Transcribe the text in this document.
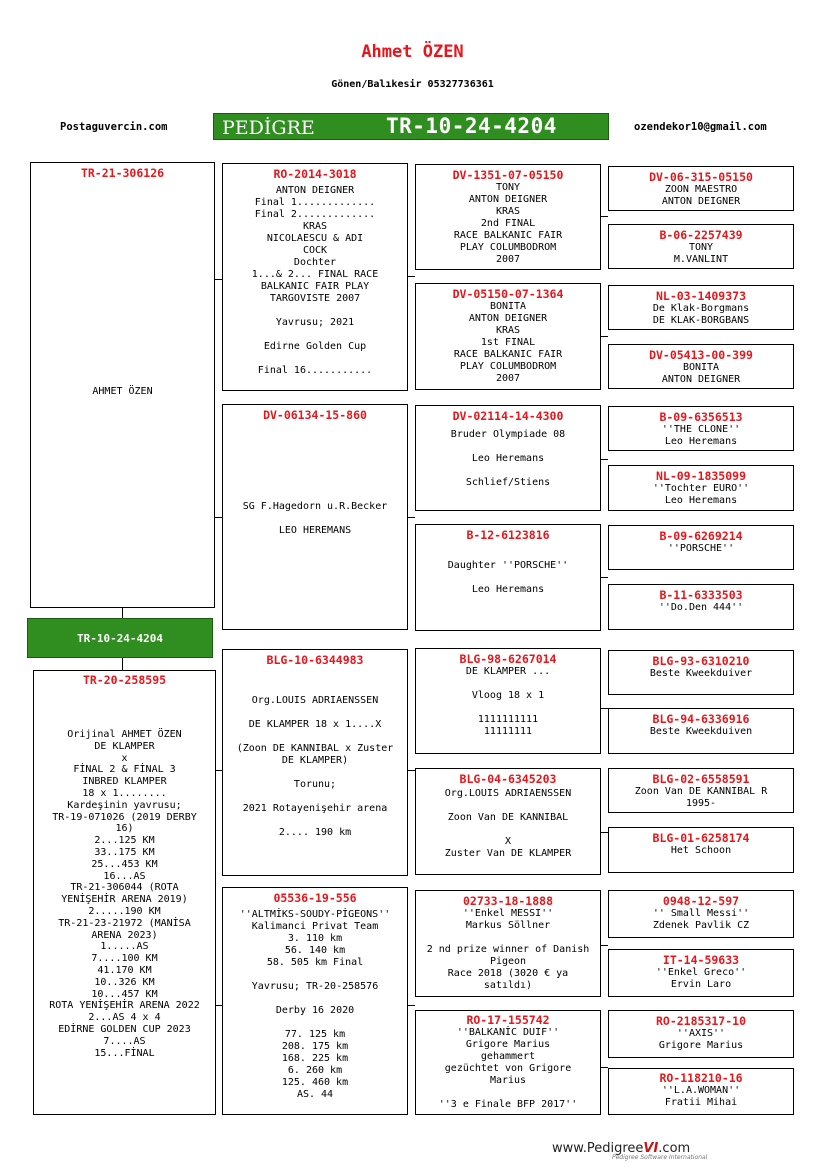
Ahmet ÖZEN
Gönen/Balıkesir 05327736361
Postaguvercin.com	ozendekor10@gmail.com
PEDİGRE	TR-10-24-4204
TR-21-306126
AHMET ÖZEN
TR-10-24-4204
TR-20-258595
Orijinal AHMET ÖZEN
DE KLAMPER
x
FİNAL 2 & FİNAL 3
INBRED KLAMPER
18 x 1........
Kardeşinin yavrusu;
TR-19-071026 (2019 DERBY
16)
2...125 KM
33..175 KM
25...453 KM
16...AS
TR-21-306044 (ROTA
YENİŞEHİR ARENA 2019)
2.....190 KM
TR-21-23-21972 (MANİSA
ARENA 2023)
1.....AS
7....100 KM
41.170 KM
10..326 KM
10...457 KM
ROTA YENİŞEHİR ARENA 2022
2...AS 4 x 4
EDİRNE GOLDEN CUP 2023
7....AS
15...FİNAL
RO-2014-3018
ANTON DEIGNER
Final 1.............
Final 2.............
KRAS
NICOLAESCU & ADI
COCK
Dochter
1...& 2... FINAL RACE
BALKANIC FAIR PLAY
TARGOVISTE 2007

Yavrusu; 2021

Edirne Golden Cup

Final 16...........
DV-06134-15-860
SG F.Hagedorn u.R.Becker

LEO HEREMANS
BLG-10-6344983
Org.LOUIS ADRIAENSSEN

DE KLAMPER 18 x 1....X

(Zoon DE KANNIBAL x Zuster
DE KLAMPER)

Torunu;

2021 Rotayenişehir arena

2.... 190 km
05536-19-556
''ALTMİKS-SOUDY-PİGEONS''
Kalimanci Privat Team
3. 110 km
56. 140 km
58. 505 km Final

Yavrusu; TR-20-258576

Derby 16 2020

77. 125 km
208. 175 km
168. 225 km
6. 260 km
125. 460 km
AS. 44
DV-1351-07-05150
TONY
ANTON DEIGNER
KRAS
2nd FINAL
RACE BALKANIC FAIR
PLAY COLUMBODROM
2007
DV-05150-07-1364
BONITA
ANTON DEIGNER
KRAS
1st FINAL
RACE BALKANIC FAIR
PLAY COLUMBODROM
2007
DV-02114-14-4300
Bruder Olympiade 08

Leo Heremans

Schlief/Stiens
B-12-6123816
Daughter ''PORSCHE''

Leo Heremans
BLG-98-6267014
DE KLAMPER ...

Vloog 18 x 1

1111111111
11111111
BLG-04-6345203
Org.LOUIS ADRIAENSSEN

Zoon Van DE KANNIBAL

X
Zuster Van DE KLAMPER
02733-18-1888
''Enkel MESSI''
Markus Söllner

2 nd prize winner of Danish
Pigeon
Race 2018 (3020 € ya
satıldı)
RO-17-155742
''BALKANİC DUIF''
Grigore Marius
gehammert
gezüchtet von Grigore
Marius

''3 e Finale BFP 2017''
DV-06-315-05150
ZOON MAESTRO
ANTON DEIGNER
B-06-2257439
TONY
M.VANLINT
NL-03-1409373
De Klak-Borgmans
DE KLAK-BORGBANS
DV-05413-00-399
BONITA
ANTON DEIGNER
B-09-6356513
''THE CLONE''
Leo Heremans
NL-09-1835099
''Tochter EURO''
Leo Heremans
B-09-6269214
''PORSCHE''
B-11-6333503
''Do.Den 444''
BLG-93-6310210
Beste Kweekduiver
BLG-94-6336916
Beste Kweekduiven
BLG-02-6558591
Zoon Van DE KANNIBAL R
1995-
BLG-01-6258174
Het Schoon
0948-12-597
'' Small Messi''
Zdenek Pavlik CZ
IT-14-59633
''Enkel Greco''
Ervin Laro
RO-2185317-10
''AXIS''
Grigore Marius
RO-118210-16
''L.A.WOMAN''
Fratii Mihai
www.PedigreeVI.com
Pedigree Software International
